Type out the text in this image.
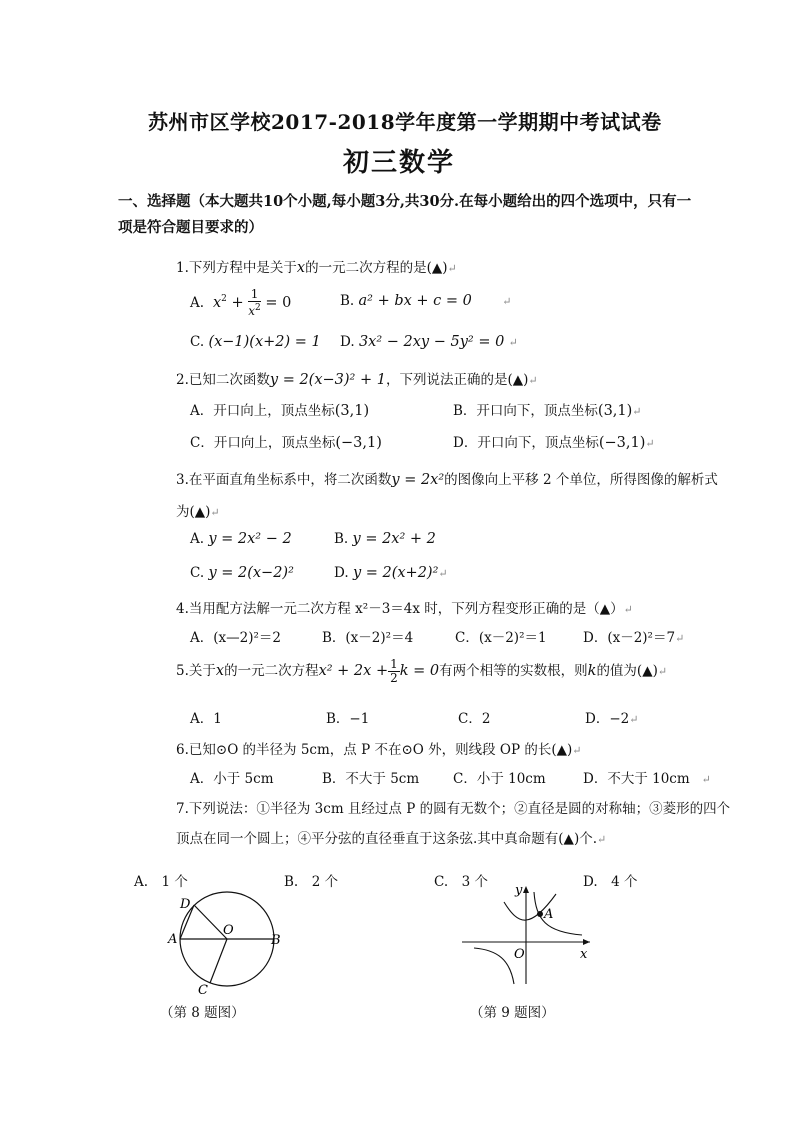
苏州市区学校2017-2018学年度第一学期期中考试试卷
初三数学
一、选择题（本大题共10个小题,每小题3分,共30分.在每小题给出的四个选项中，只有一
项是符合题目要求的）
1.下列方程中是关于x的一元二次方程的是(▲)↵
A. $x^2 + \frac{1}{x^2} = 0$	B. a² + bx + c = 0	↵
C. (x−1)(x+2) = 1 D. 3x² − 2xy − 5y² = 0 ↵
2.已知二次函数y = 2(x−3)² + 1，下列说法正确的是(▲)↵
A．开口向上，顶点坐标(3,1)	B．开口向下，顶点坐标(3,1)↵
C．开口向上，顶点坐标(−3,1)	D．开口向下，顶点坐标(−3,1)↵
3.在平面直角坐标系中，将二次函数y = 2x²的图像向上平移 2 个单位，所得图像的解析式
为(▲)↵
A. y = 2x² − 2	B. y = 2x² + 2
C. y = 2(x−2)²	D. y = 2(x+2)²↵
4.当用配方法解一元二次方程 x²－3＝4x 时，下列方程变形正确的是（▲）↵
A．(x—2)²＝2	B．(x－2)²＝4	C．(x－2)²＝1	D．(x－2)²＝7↵
5.关于x的一元二次方程$x^2 + 2x + \frac{1}{2}$ k = 0有两个相等的实数根，则k的值为(▲)↵
A．1	B．−1	C．2	D．−2↵
6.已知⊙O 的半径为 5cm，点 P 不在⊙O 外，则线段 OP 的长(▲)↵
A．小于 5cm	B．不大于 5cm	C．小于 10cm	D．不大于 10cm ↵
7.下列说法：①半径为 3cm 且经过点 P 的圆有无数个；②直径是圆的对称轴；③菱形的四个
顶点在同一个圆上；④平分弦的直径垂直于这条弦.其中真命题有(▲)个.↵
A.　1 个	B.　2 个	C.　3 个	D.　4 个
D
A
O
B
C
（第 8 题图）
y
A
O	x
（第 9 题图）
